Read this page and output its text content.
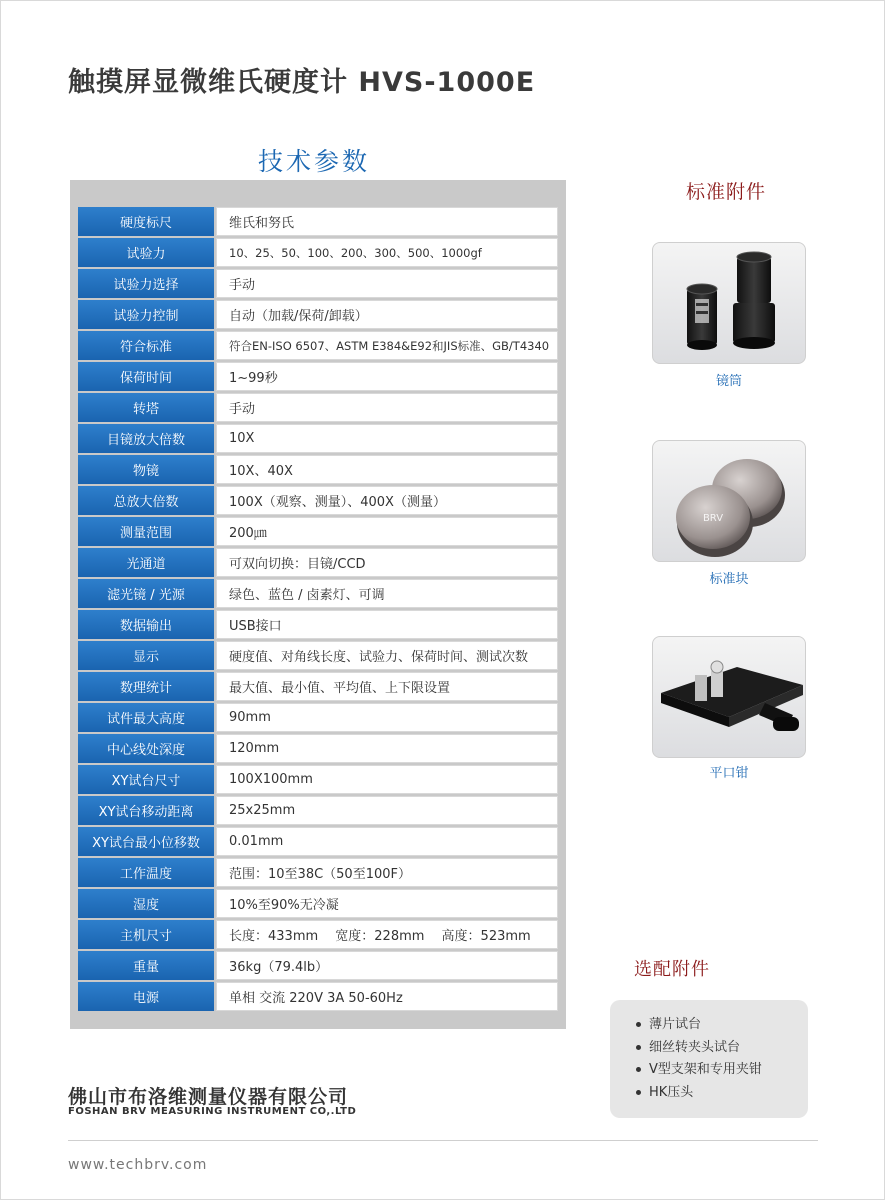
触摸屏显微维氏硬度计 HVS-1000E
技术参数
硬度标尺	维氏和努氏
试验力	10、25、50、100、200、300、500、1000gf
试验力选择	手动
试验力控制	自动（加载/保荷/卸载）
符合标准	符合EN-ISO 6507、ASTM E384&E92和JIS标准、GB/T4340
保荷时间	1~99秒
转塔	手动
目镜放大倍数	10X
物镜	10X、40X
总放大倍数	100X（观察、测量）、400X（测量）
测量范围	200㎛
光通道	可双向切换：目镜/CCD
滤光镜 / 光源	绿色、蓝色 / 卤素灯、可调
数据输出	USB接口
显示	硬度值、对角线长度、试验力、保荷时间、测试次数
数理统计	最大值、最小值、平均值、上下限设置
试件最大高度	90mm
中心线处深度	120mm
XY试台尺寸	100X100mm
XY试台移动距离	25x25mm
XY试台最小位移数	0.01mm
工作温度	范围：10至38C（50至100F）
湿度	10%至90%无冷凝
主机尺寸	长度：433mm　 宽度：228mm　 高度：523mm
重量	36kg（79.4lb）
电源	单相 交流 220V 3A 50-60Hz
标准附件
镜筒
BRV
标准块
平口钳
选配附件
薄片试台
细丝转夹头试台
V型支架和专用夹钳
HK压头
佛山市布洛维测量仪器有限公司
FOSHAN BRV MEASURING INSTRUMENT CO,.LTD
www.techbrv.com
